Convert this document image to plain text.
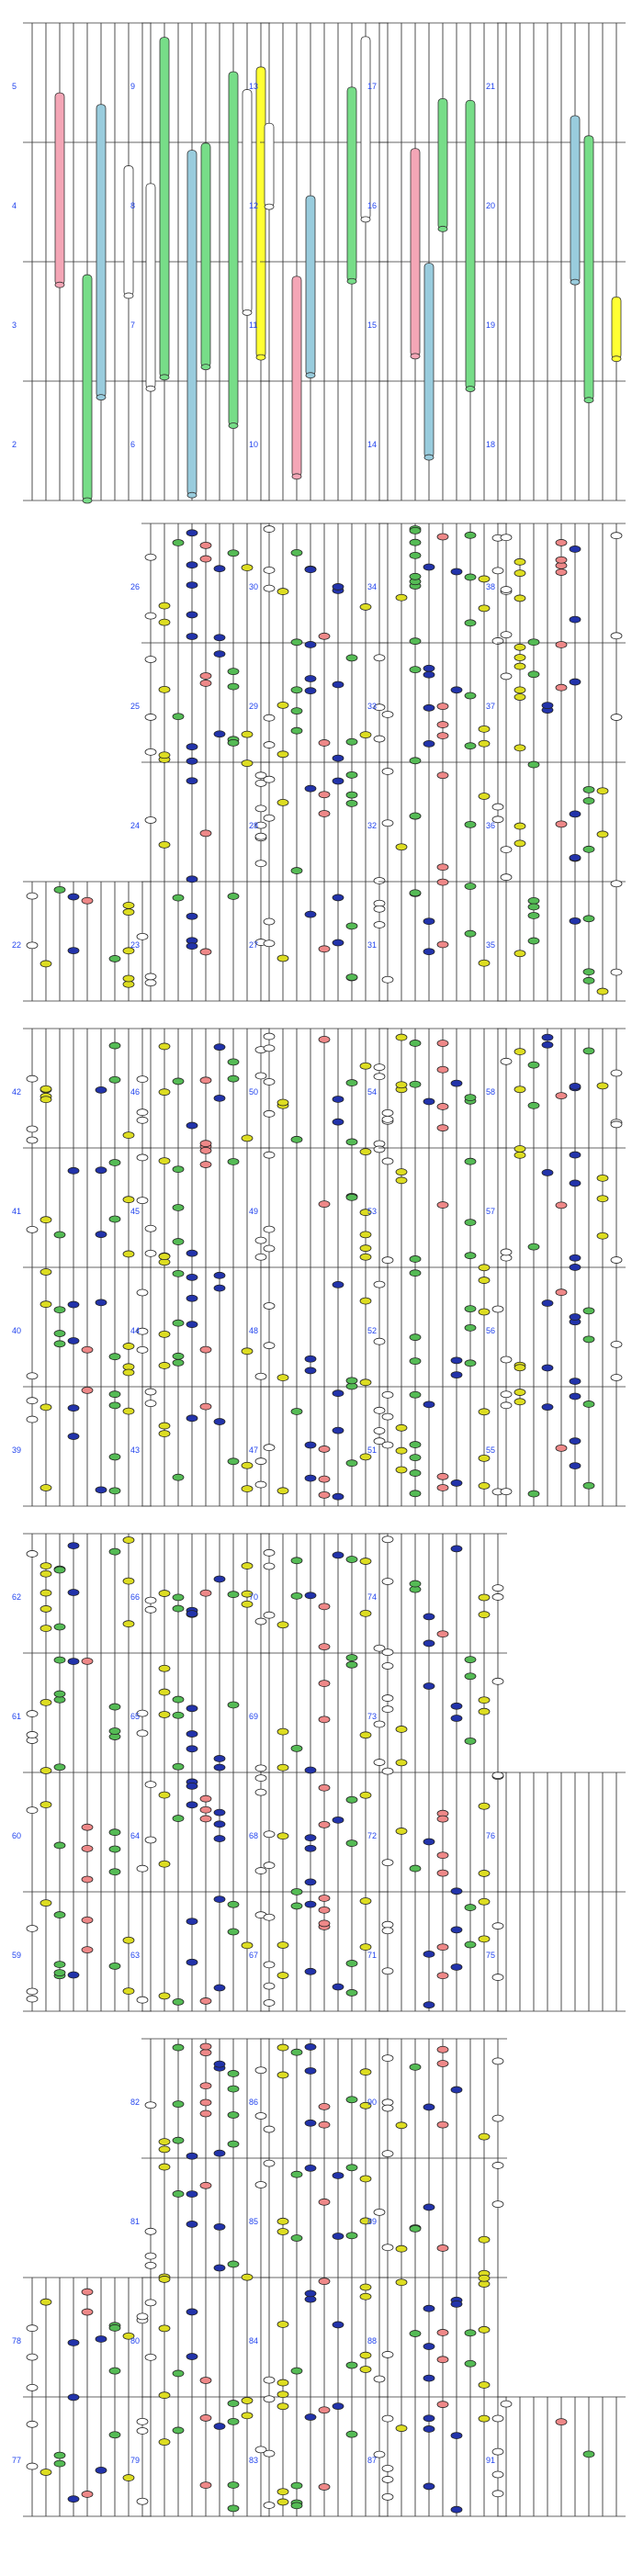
2
3
4
5
6
7
8
9
10
11
12
13
14
15
16
17
18
19
20
21
22	23
24
25
26
27
28
29
30
31
32
33
34
35
36
37
38
39
40
41
42
43
44
45
46
47
48
49
50
51
52
53
54
55
56
57
58
59
60
61
62
63
64
65
66
67
68
69
70
71
72
73
74
75
76
77
78
79
80
81
82
83
84
85
86
87
88
89
90
91
